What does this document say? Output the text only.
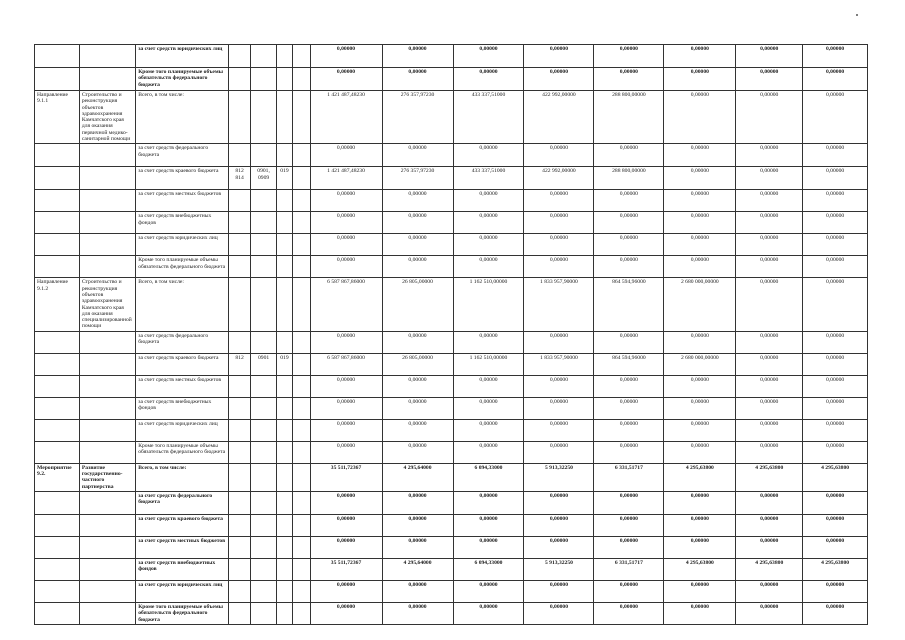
		за счет средств юридических лиц					0,00000	0,00000	0,00000	0,00000	0,00000	0,00000	0,00000	0,00000
		Кроме того планируемые объемы обязательств федерального бюджета					0,00000	0,00000	0,00000	0,00000	0,00000	0,00000	0,00000	0,00000
Направление 9.1.1	Строительство и реконструкция объектов здравоохранения Камчатского края для оказания первичной медико-санитарной помощи	Всего, в том числе:					1 421 487,48230	276 357,97230	433 337,51000	422 992,00000	288 800,00000	0,00000	0,00000	0,00000
		за счет средств федерального бюджета					0,00000	0,00000	0,00000	0,00000	0,00000	0,00000	0,00000	0,00000
		за счет средств краевого бюджета	812 814	0901, 0909	019		1 421 487,48230	276 357,97230	433 337,51000	422 992,00000	288 800,00000	0,00000	0,00000	0,00000
		за счет средств местных бюджетов					0,00000	0,00000	0,00000	0,00000	0,00000	0,00000	0,00000	0,00000
		за счет средств внебюджетных фондов					0,00000	0,00000	0,00000	0,00000	0,00000	0,00000	0,00000	0,00000
		за счет средств юридических лиц					0,00000	0,00000	0,00000	0,00000	0,00000	0,00000	0,00000	0,00000
		Кроме того планируемые объемы обязательств федерального бюджета					0,00000	0,00000	0,00000	0,00000	0,00000	0,00000	0,00000	0,00000
Направление 9.1.2	Строительство и реконструкция объектов здравоохранения Камчатского края для оказания специализированной помощи	Всего, в том числе:					6 587 867,86000	26 805,00000	1 162 510,00000	1 833 957,90000	864 594,96000	2 680 000,00000	0,00000	0,00000
		за счет средств федерального бюджета					0,00000	0,00000	0,00000	0,00000	0,00000	0,00000	0,00000	0,00000
		за счет средств краевого бюджета	812	0901	019		6 587 867,86000	26 805,00000	1 162 510,00000	1 833 957,90000	864 594,96000	2 680 000,00000	0,00000	0,00000
		за счет средств местных бюджетов					0,00000	0,00000	0,00000	0,00000	0,00000	0,00000	0,00000	0,00000
		за счет средств внебюджетных фондов					0,00000	0,00000	0,00000	0,00000	0,00000	0,00000	0,00000	0,00000
		за счет средств юридических лиц					0,00000	0,00000	0,00000	0,00000	0,00000	0,00000	0,00000	0,00000
		Кроме того планируемые объемы обязательств федерального бюджета					0,00000	0,00000	0,00000	0,00000	0,00000	0,00000	0,00000	0,00000
Мероприятие 9.2.	Развитие государственно-частного партнерства	Всего, в том числе:					35 511,72367	4 295,64000	6 094,33000	5 913,32250	6 331,51717	4 295,63800	4 295,63800	4 295,63800
		за счет средств федерального бюджета					0,00000	0,00000	0,00000	0,00000	0,00000	0,00000	0,00000	0,00000
		за счет средств краевого бюджета					0,00000	0,00000	0,00000	0,00000	0,00000	0,00000	0,00000	0,00000
		за счет средств местных бюджетов					0,00000	0,00000	0,00000	0,00000	0,00000	0,00000	0,00000	0,00000
		за счет средств внебюджетных фондов					35 511,72367	4 295,64000	6 094,33000	5 913,32250	6 331,51717	4 295,63800	4 295,63800	4 295,63800
		за счет средств юридических лиц					0,00000	0,00000	0,00000	0,00000	0,00000	0,00000	0,00000	0,00000
		Кроме того планируемые объемы обязательств федерального бюджета					0,00000	0,00000	0,00000	0,00000	0,00000	0,00000	0,00000	0,00000
